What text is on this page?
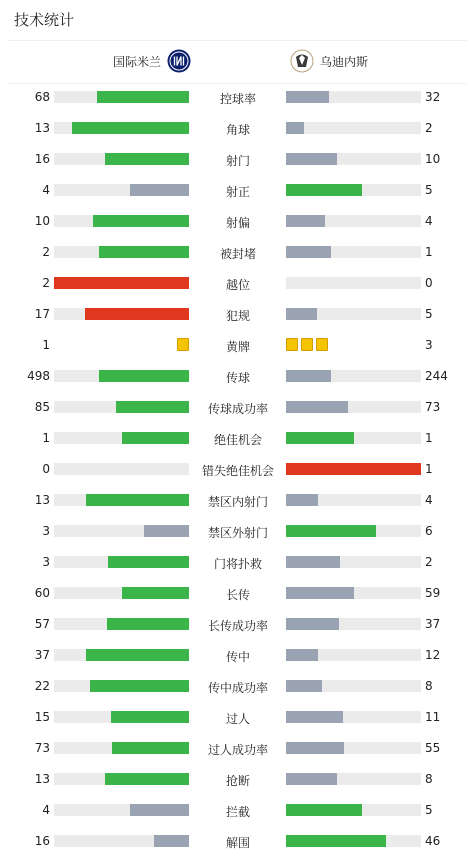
技术统计
国际米兰	乌迪内斯
68	控球率	32
13	角球	2
16	射门	10
4	射正	5
10	射偏	4
2	被封堵	1
2	越位	0
17	犯规	5
1	黄牌	3
498	传球	244
85	传球成功率	73
1	绝佳机会	1
0	错失绝佳机会	1
13	禁区内射门	4
3	禁区外射门	6
3	门将扑救	2
60	长传	59
57	长传成功率	37
37	传中	12
22	传中成功率	8
15	过人	11
73	过人成功率	55
13	抢断	8
4	拦截	5
16	解围	46
